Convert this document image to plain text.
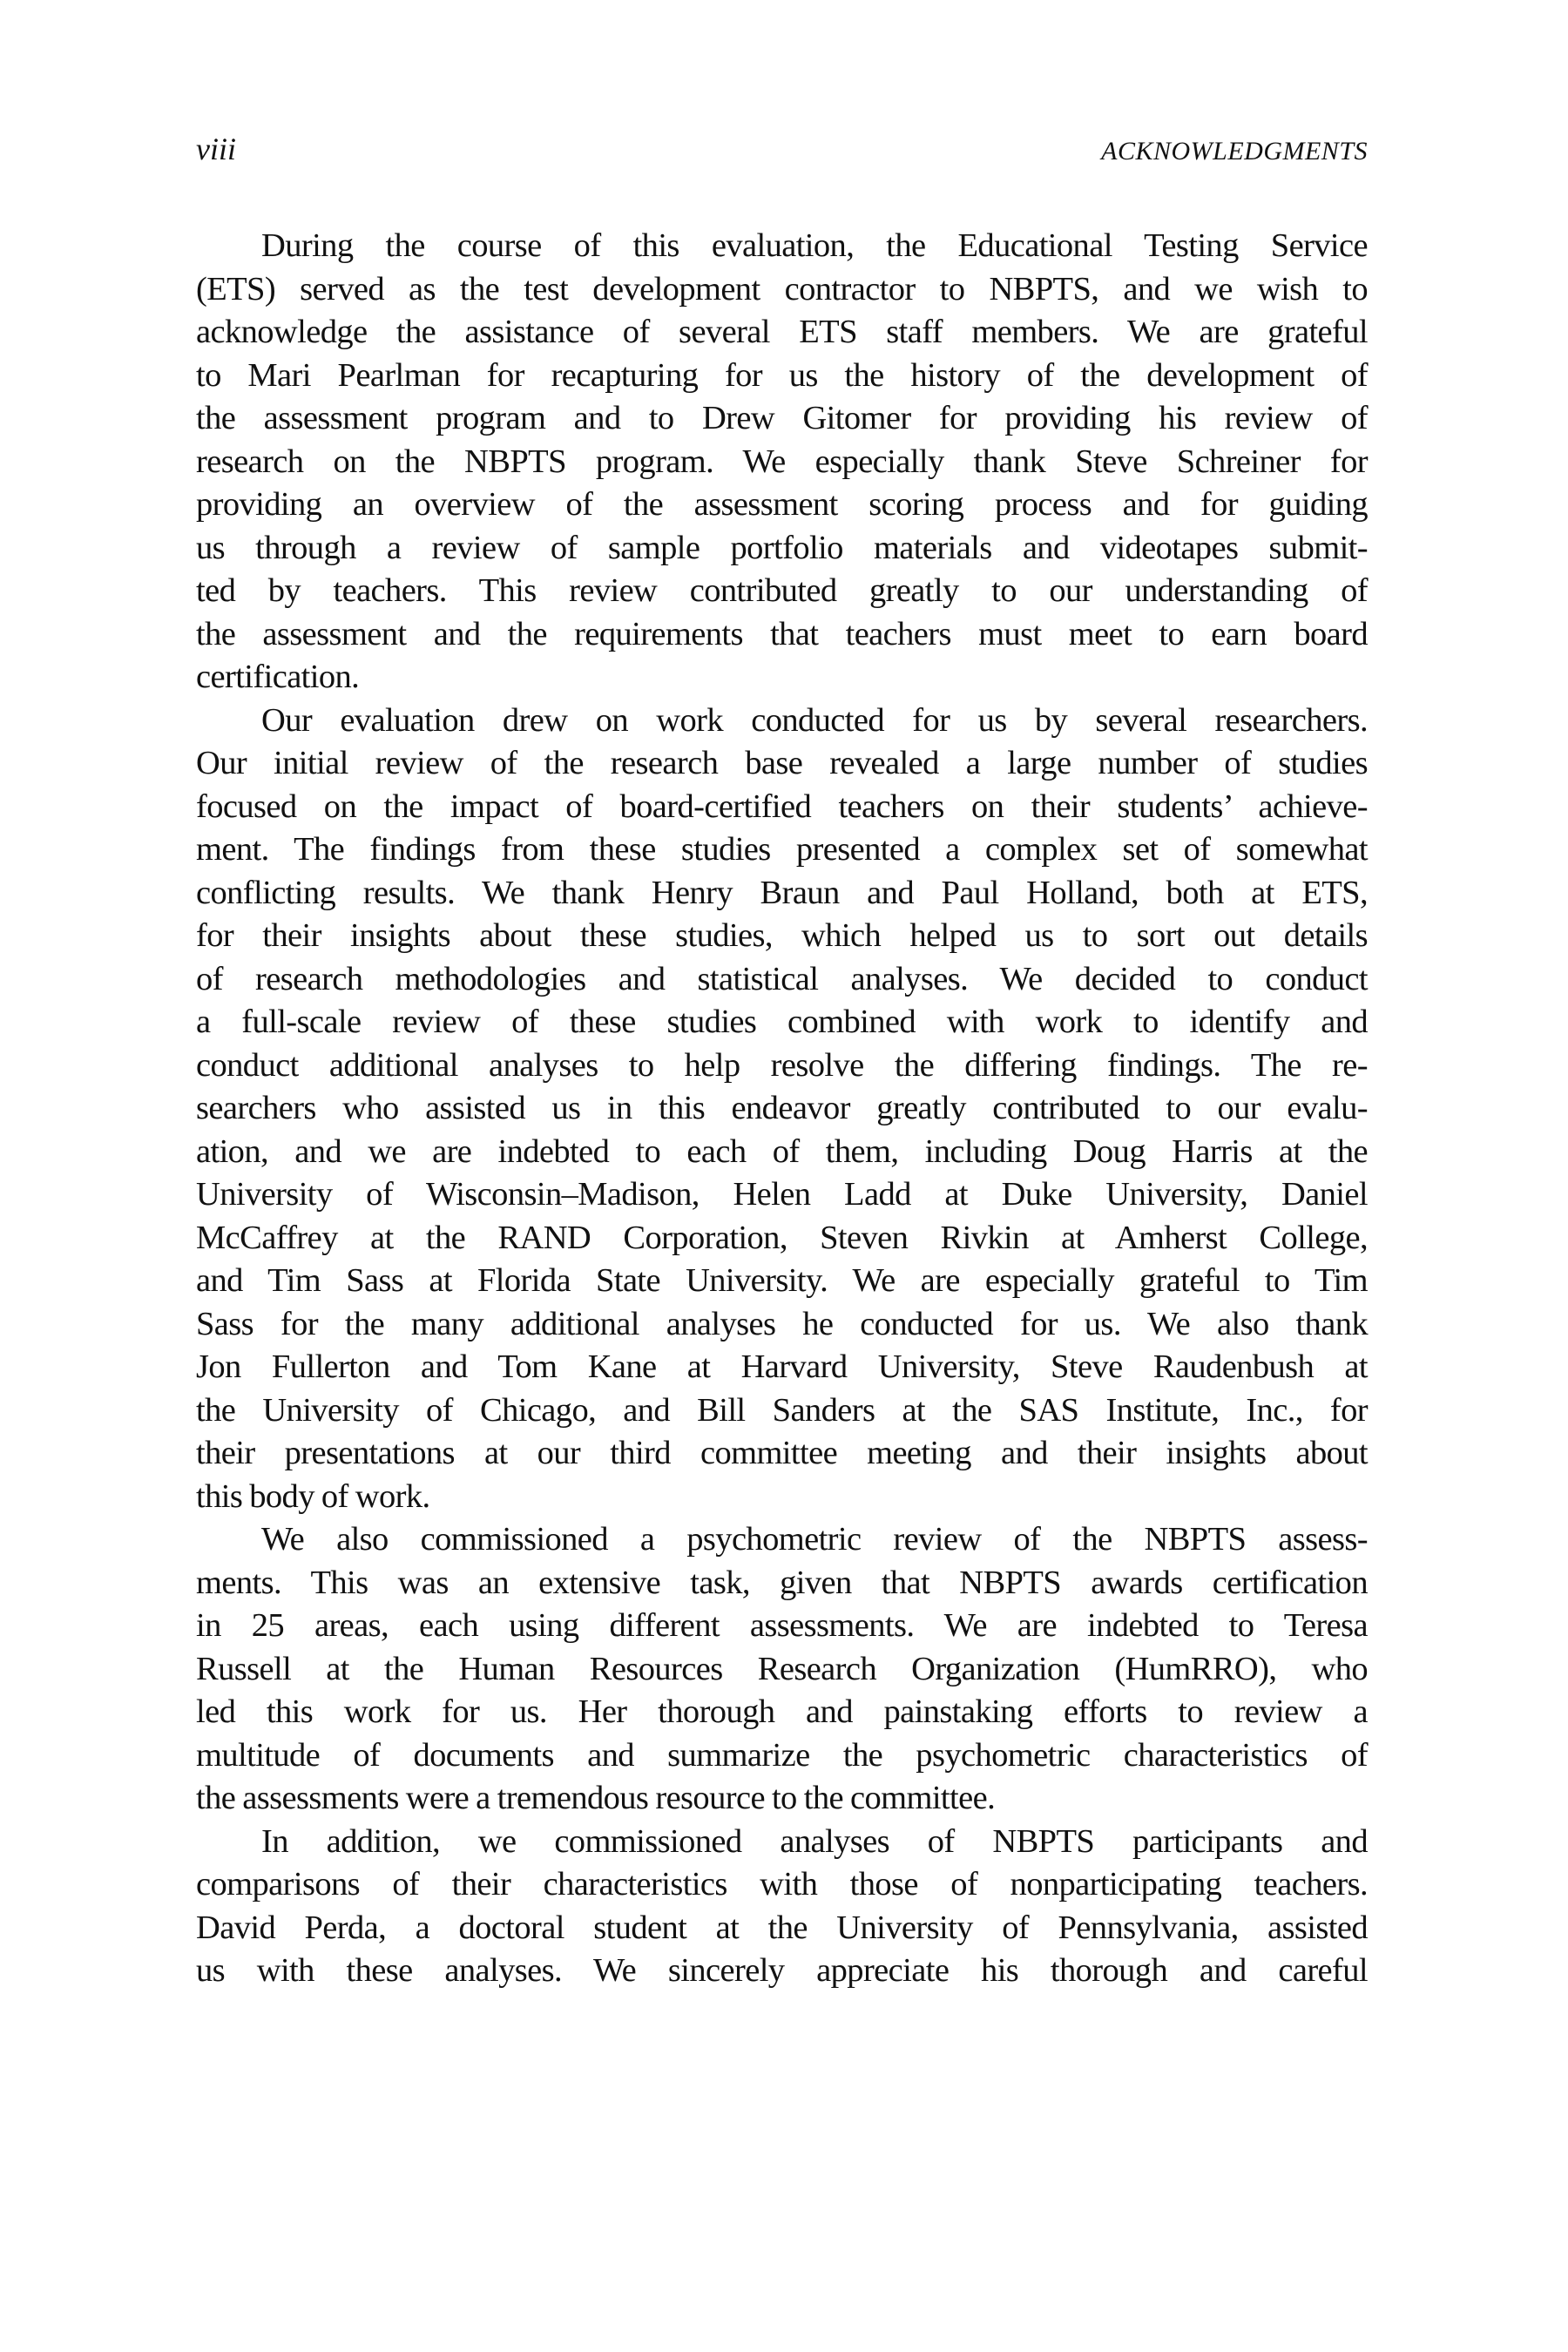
viii	ACKNOWLEDGMENTS

During the course of this evaluation, the Educational Testing Service
(ETS) served as the test development contractor to NBPTS, and we wish to
acknowledge the assistance of several ETS staff members. We are grateful
to Mari Pearlman for recapturing for us the history of the development of
the assessment program and to Drew Gitomer for providing his review of
research on the NBPTS program. We especially thank Steve Schreiner for
providing an overview of the assessment scoring process and for guiding
us through a review of sample portfolio materials and videotapes submit-
ted by teachers. This review contributed greatly to our understanding of
the assessment and the requirements that teachers must meet to earn board
certification.

Our evaluation drew on work conducted for us by several researchers.
Our initial review of the research base revealed a large number of studies
focused on the impact of board-certified teachers on their students’ achieve-
ment. The findings from these studies presented a complex set of somewhat
conflicting results. We thank Henry Braun and Paul Holland, both at ETS,
for their insights about these studies, which helped us to sort out details
of research methodologies and statistical analyses. We decided to conduct
a full-scale review of these studies combined with work to identify and
conduct additional analyses to help resolve the differing findings. The re-
searchers who assisted us in this endeavor greatly contributed to our evalu-
ation, and we are indebted to each of them, including Doug Harris at the
University of Wisconsin–Madison, Helen Ladd at Duke University, Daniel
McCaffrey at the RAND Corporation, Steven Rivkin at Amherst College,
and Tim Sass at Florida State University. We are especially grateful to Tim
Sass for the many additional analyses he conducted for us. We also thank
Jon Fullerton and Tom Kane at Harvard University, Steve Raudenbush at
the University of Chicago, and Bill Sanders at the SAS Institute, Inc., for
their presentations at our third committee meeting and their insights about
this body of work.

We also commissioned a psychometric review of the NBPTS assess-
ments. This was an extensive task, given that NBPTS awards certification
in 25 areas, each using different assessments. We are indebted to Teresa
Russell at the Human Resources Research Organization (HumRRO), who
led this work for us. Her thorough and painstaking efforts to review a
multitude of documents and summarize the psychometric characteristics of
the assessments were a tremendous resource to the committee.

In addition, we commissioned analyses of NBPTS participants and
comparisons of their characteristics with those of nonparticipating teachers.
David Perda, a doctoral student at the University of Pennsylvania, assisted
us with these analyses. We sincerely appreciate his thorough and careful
